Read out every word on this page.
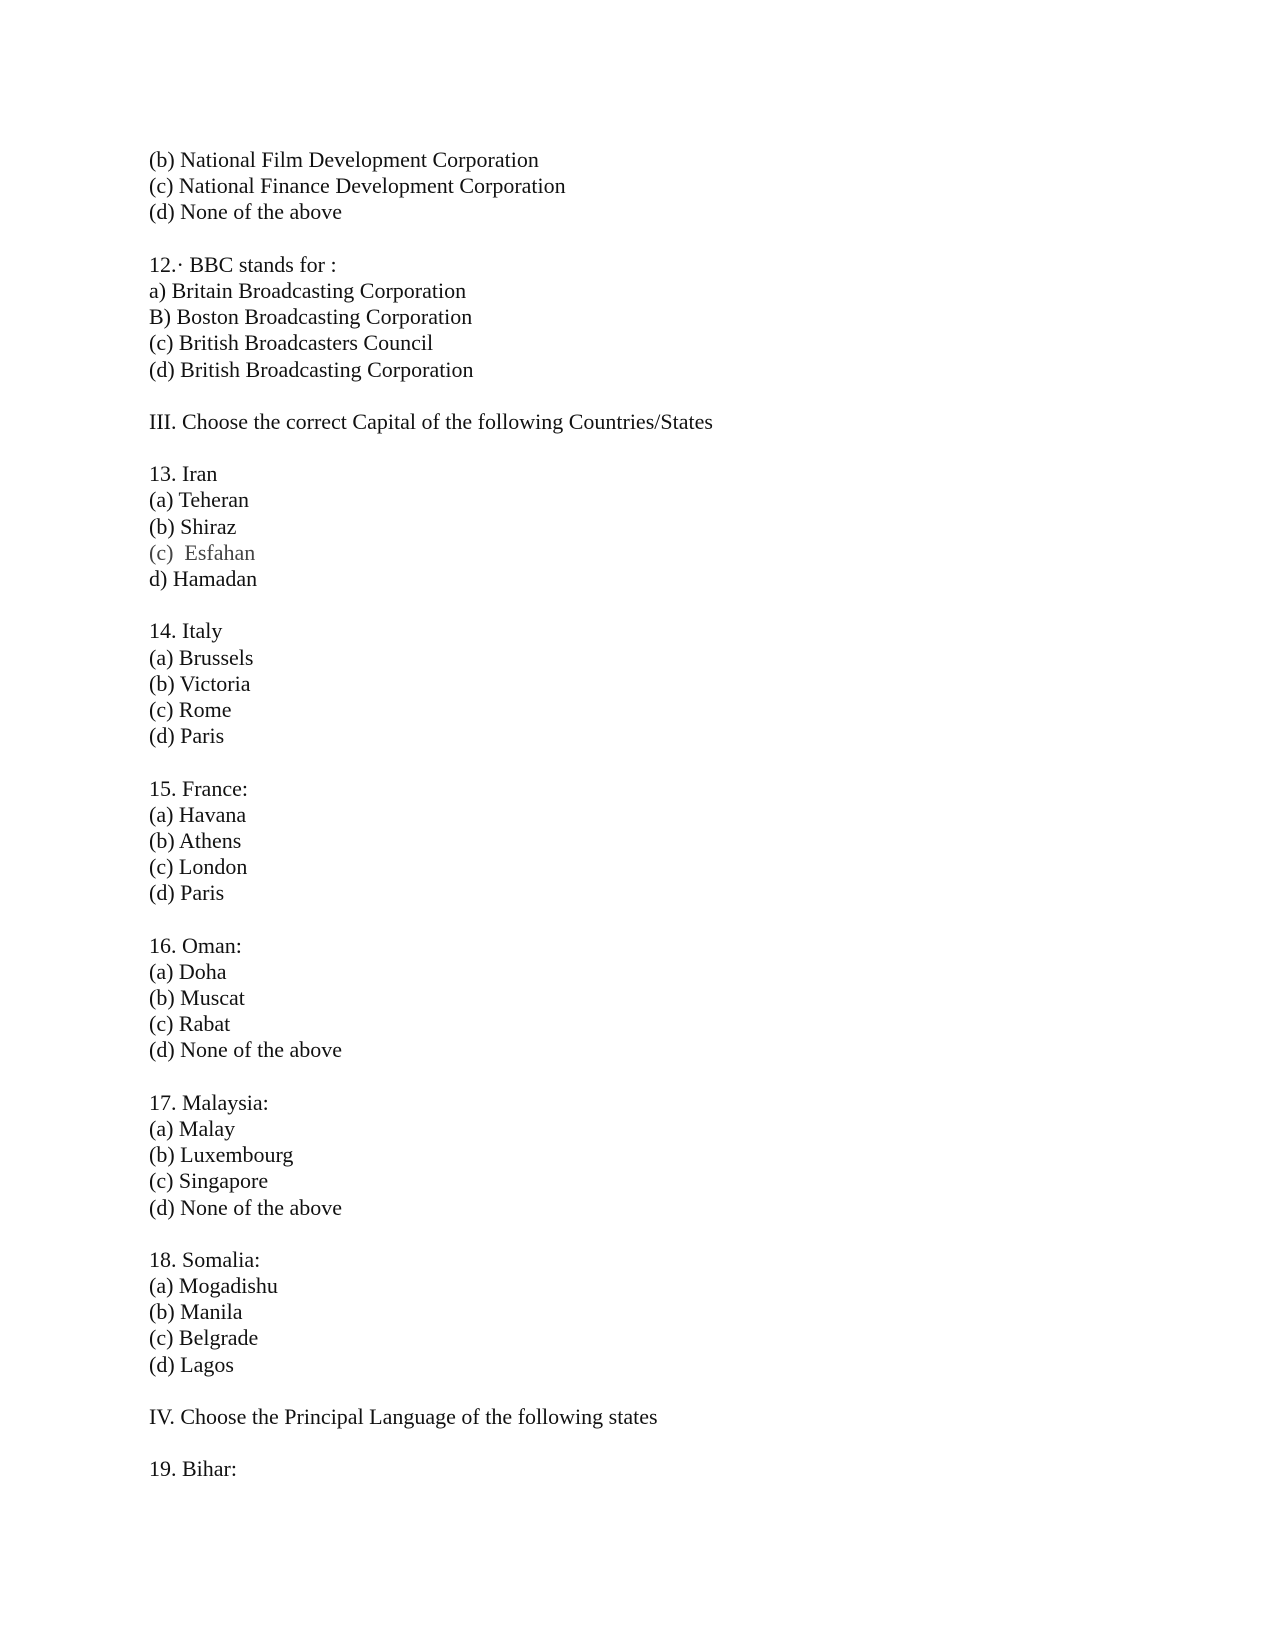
(b) National Film Development Corporation
(c) National Finance Development Corporation
(d) None of the above
12.· BBC stands for :
a) Britain Broadcasting Corporation
B) Boston Broadcasting Corporation
(c) British Broadcasters Council
(d) British Broadcasting Corporation
III. Choose the correct Capital of the following Countries/States
13. Iran
(a) Teheran
(b) Shiraz
(c)  Esfahan
d) Hamadan
14. Italy
(a) Brussels
(b) Victoria
(c) Rome
(d) Paris
15. France:
(a) Havana
(b) Athens
(c) London
(d) Paris
16. Oman:
(a) Doha
(b) Muscat
(c) Rabat
(d) None of the above
17. Malaysia:
(a) Malay
(b) Luxembourg
(c) Singapore
(d) None of the above
18. Somalia:
(a) Mogadishu
(b) Manila
(c) Belgrade
(d) Lagos
IV. Choose the Principal Language of the following states
19. Bihar:
